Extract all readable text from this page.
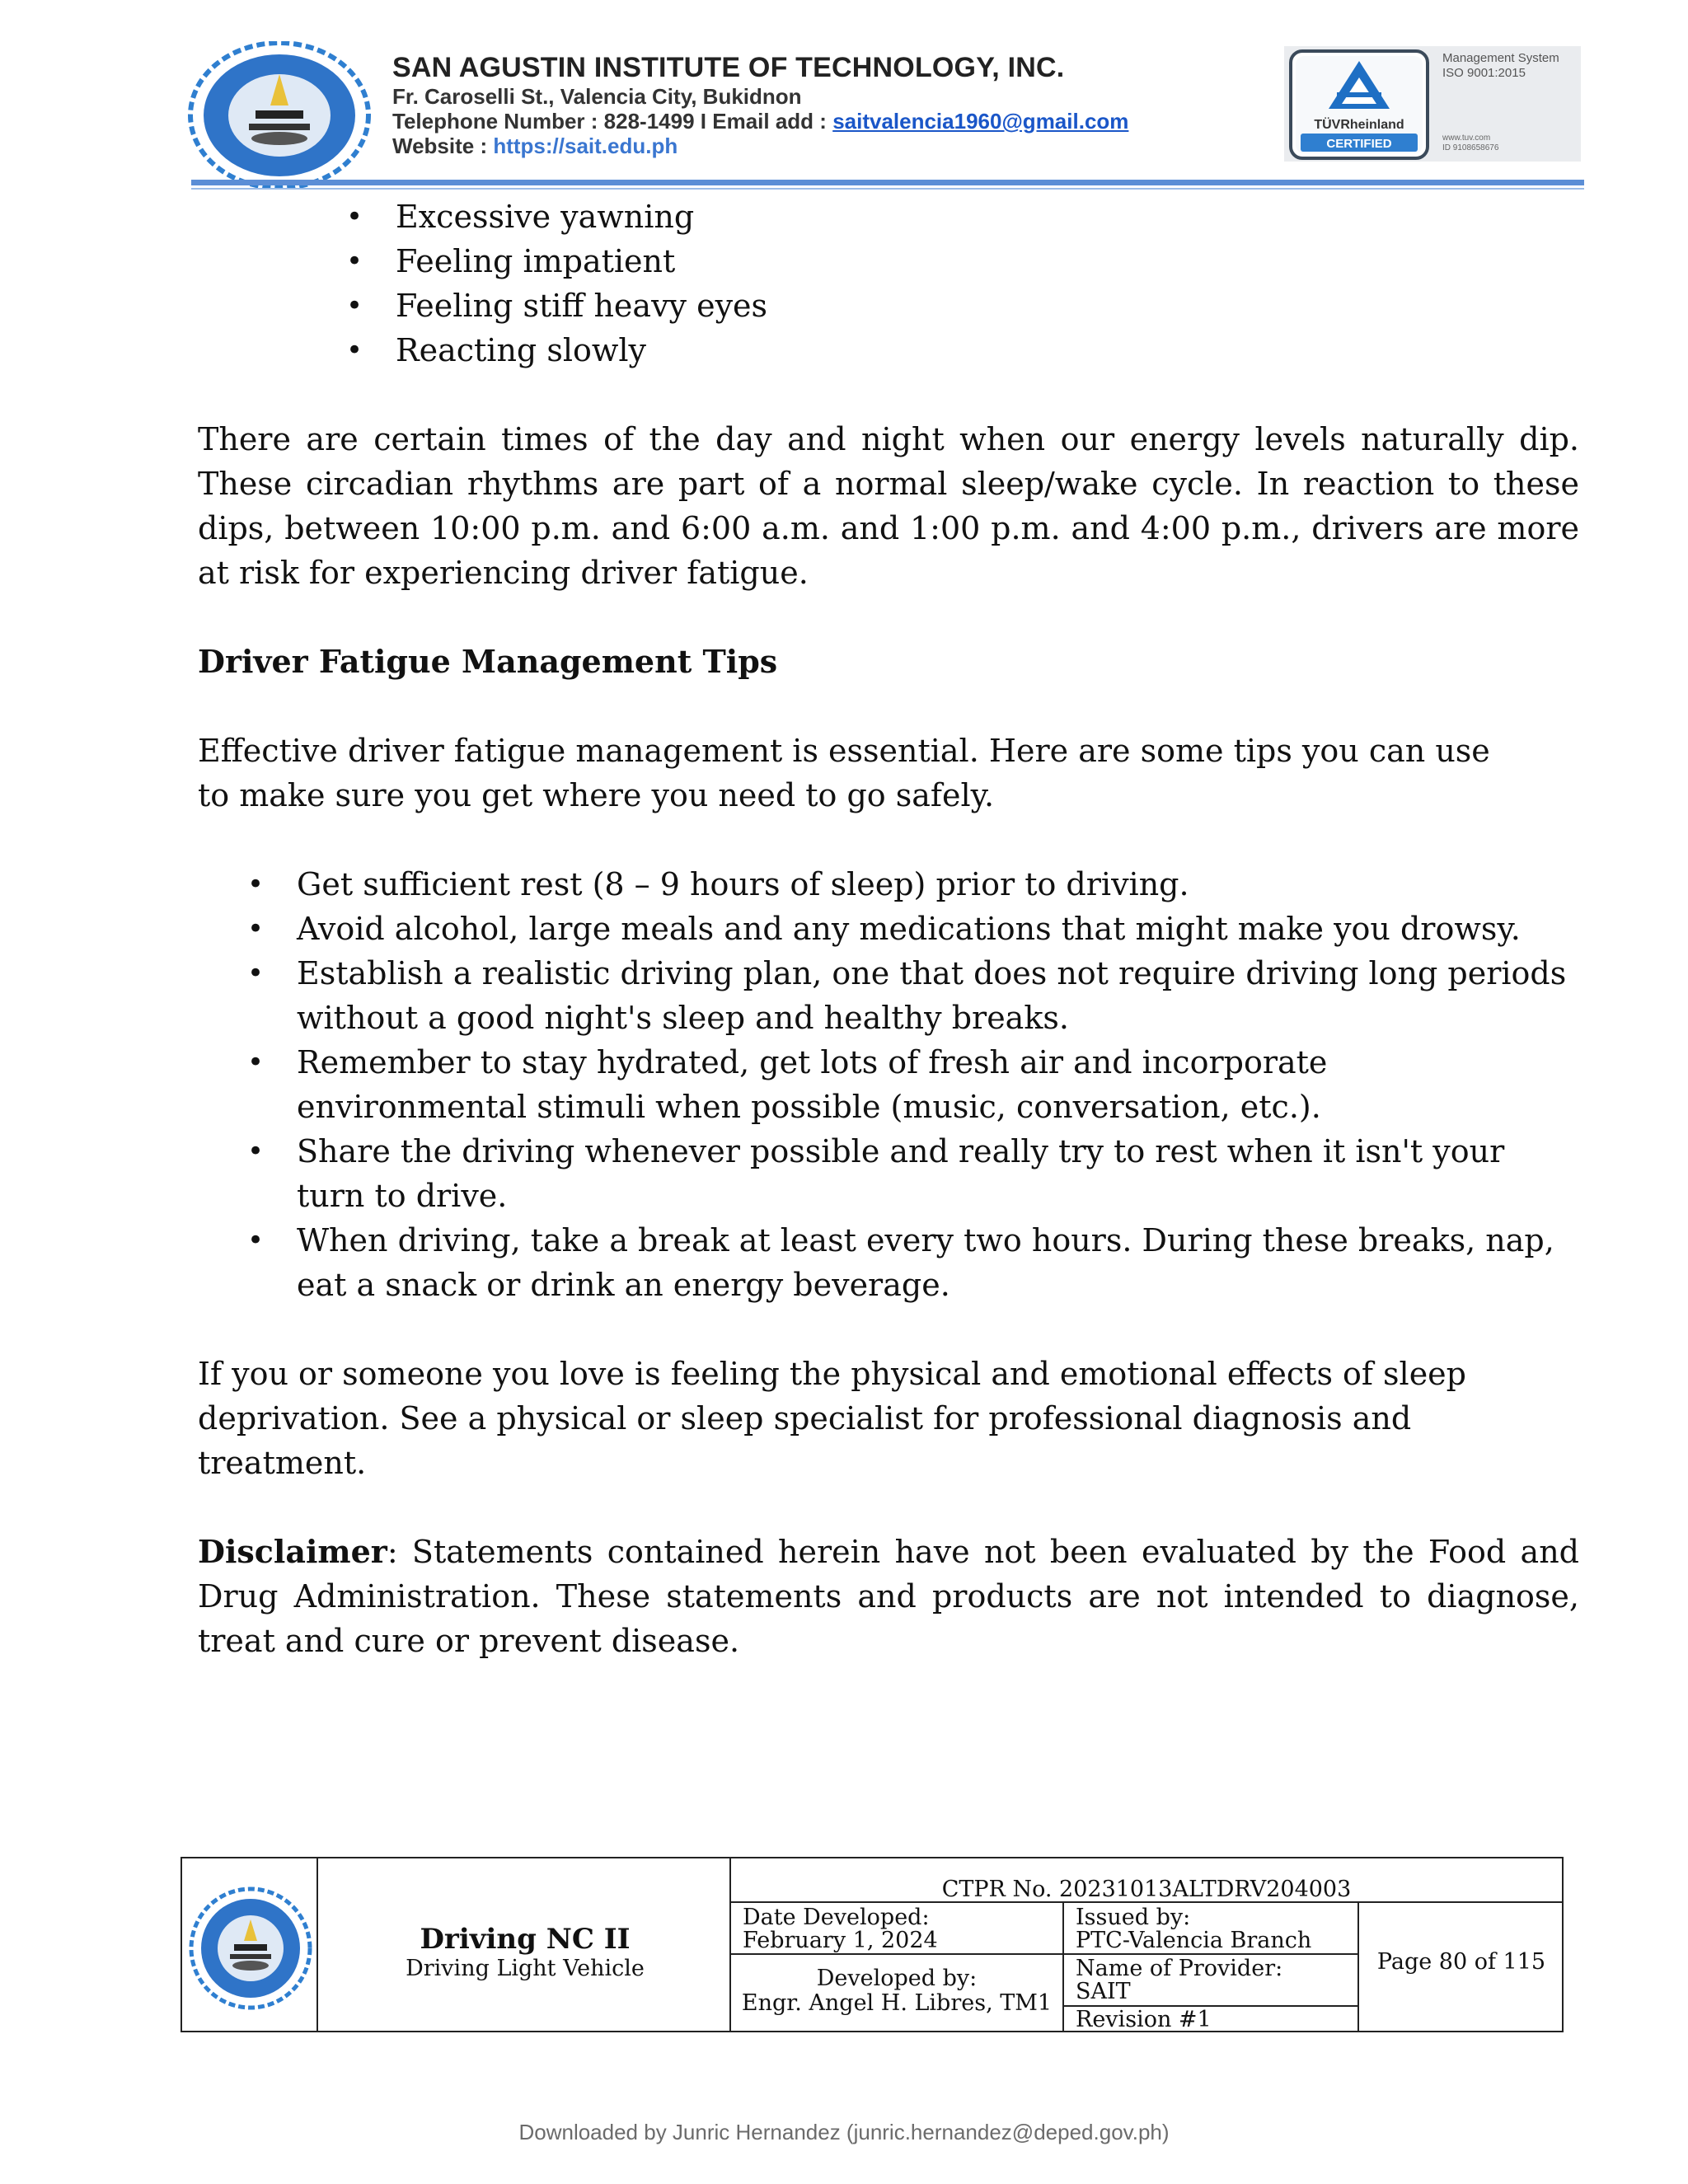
SAN AGUSTIN INSTITUTE OF TECHNOLOGY, INC.
Fr. Caroselli St., Valencia City, Bukidnon
Telephone Number : 828-1499 I Email add : saitvalencia1960@gmail.com
Website : https://sait.edu.ph
TÜVRheinland
CERTIFIED
Management System
ISO 9001:2015
www.tuv.com
ID 9108658676
• Excessive yawning
• Feeling impatient
• Feeling stiff heavy eyes
• Reacting slowly

There are certain times of the day and night when our energy levels naturally dip. These circadian rhythms are part of a normal sleep/wake cycle. In reaction to these dips, between 10:00 p.m. and 6:00 a.m. and 1:00 p.m. and 4:00 p.m., drivers are more at risk for experiencing driver fatigue.

Driver Fatigue Management Tips

Effective driver fatigue management is essential. Here are some tips you can use to make sure you get where you need to go safely.

• Get sufficient rest (8 – 9 hours of sleep) prior to driving.
• Avoid alcohol, large meals and any medications that might make you drowsy.
• Establish a realistic driving plan, one that does not require driving long periods without a good night's sleep and healthy breaks.
• Remember to stay hydrated, get lots of fresh air and incorporate environmental stimuli when possible (music, conversation, etc.).
• Share the driving whenever possible and really try to rest when it isn't your turn to drive.
• When driving, take a break at least every two hours. During these breaks, nap, eat a snack or drink an energy beverage.

If you or someone you love is feeling the physical and emotional effects of sleep deprivation. See a physical or sleep specialist for professional diagnosis and treatment.

Disclaimer: Statements contained herein have not been evaluated by the Food and Drug Administration. These statements and products are not intended to diagnose, treat and cure or prevent disease.

Driving NC II
Driving Light Vehicle
CTPR No. 20231013ALTDRV204003
Date Developed:
February 1, 2024
Developed by:
Engr. Angel H. Libres, TM1
Issued by:
PTC-Valencia Branch
Name of Provider:
SAIT
Revision #1
Page 80 of 115
Downloaded by Junric Hernandez (junric.hernandez@deped.gov.ph)
